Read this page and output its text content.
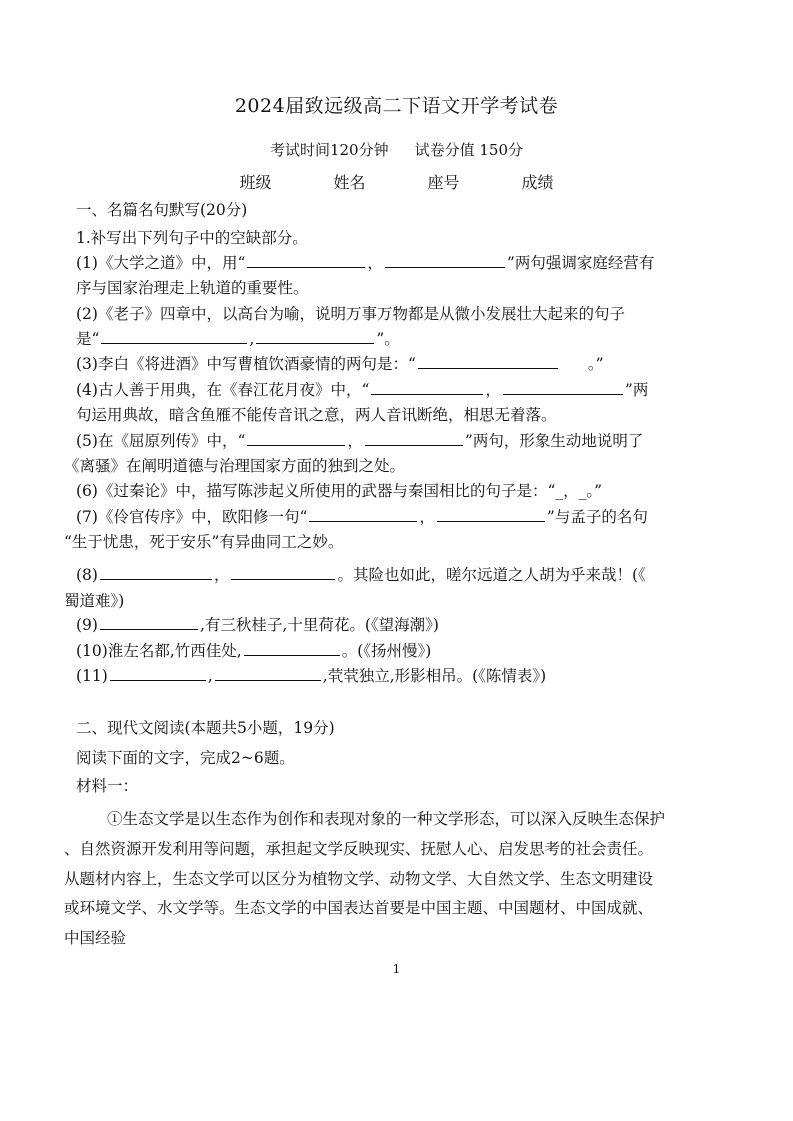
2024届致远级高二下语文开学考试卷
考试时间120分钟 试卷分值 150分
班级	姓名	座号	成绩
一、名篇名句默写(20分)
1.补写出下列句子中的空缺部分。
(1)《大学之道》中，用“	，	”两句强调家庭经营有
序与国家治理走上轨道的重要性。
(2)《老子》四章中，以高台为喻，说明万事万物都是从微小发展壮大起来的句子
是“	,	”。
(3)李白《将进酒》中写曹植饮酒豪情的两句是：“	。”
(4)古人善于用典，在《春江花月夜》中，“	，	”两
句运用典故，暗含鱼雁不能传音讯之意，两人音讯断绝，相思无着落。
(5)在《屈原列传》中，“	，	”两句，形象生动地说明了
《离骚》在阐明道德与治理国家方面的独到之处。
(6)《过秦论》中，描写陈涉起义所使用的武器与秦国相比的句子是：“_，_。”
(7)《伶官传序》中，欧阳修一句“	，	”与孟子的名句
“生于忧患，死于安乐”有异曲同工之妙。
(8)	，	。其险也如此，嗟尔远道之人胡为乎来哉！(《
蜀道难》)
(9)	,有三秋桂子,十里荷花。(《望海潮》)
(10)淮左名都,竹西佳处,	。(《扬州慢》)
(11)	,	,茕茕独立,形影相吊。(《陈情表》)
二、现代文阅读(本题共5小题，19分)
阅读下面的文字，完成2~6题。
材料一：
①生态文学是以生态作为创作和表现对象的一种文学形态，可以深入反映生态保护
、自然资源开发利用等问题，承担起文学反映现实、抚慰人心、启发思考的社会责任。
从题材内容上，生态文学可以区分为植物文学、动物文学、大自然文学、生态文明建设
或环境文学、水文学等。生态文学的中国表达首要是中国主题、中国题材、中国成就、
中国经验
1
